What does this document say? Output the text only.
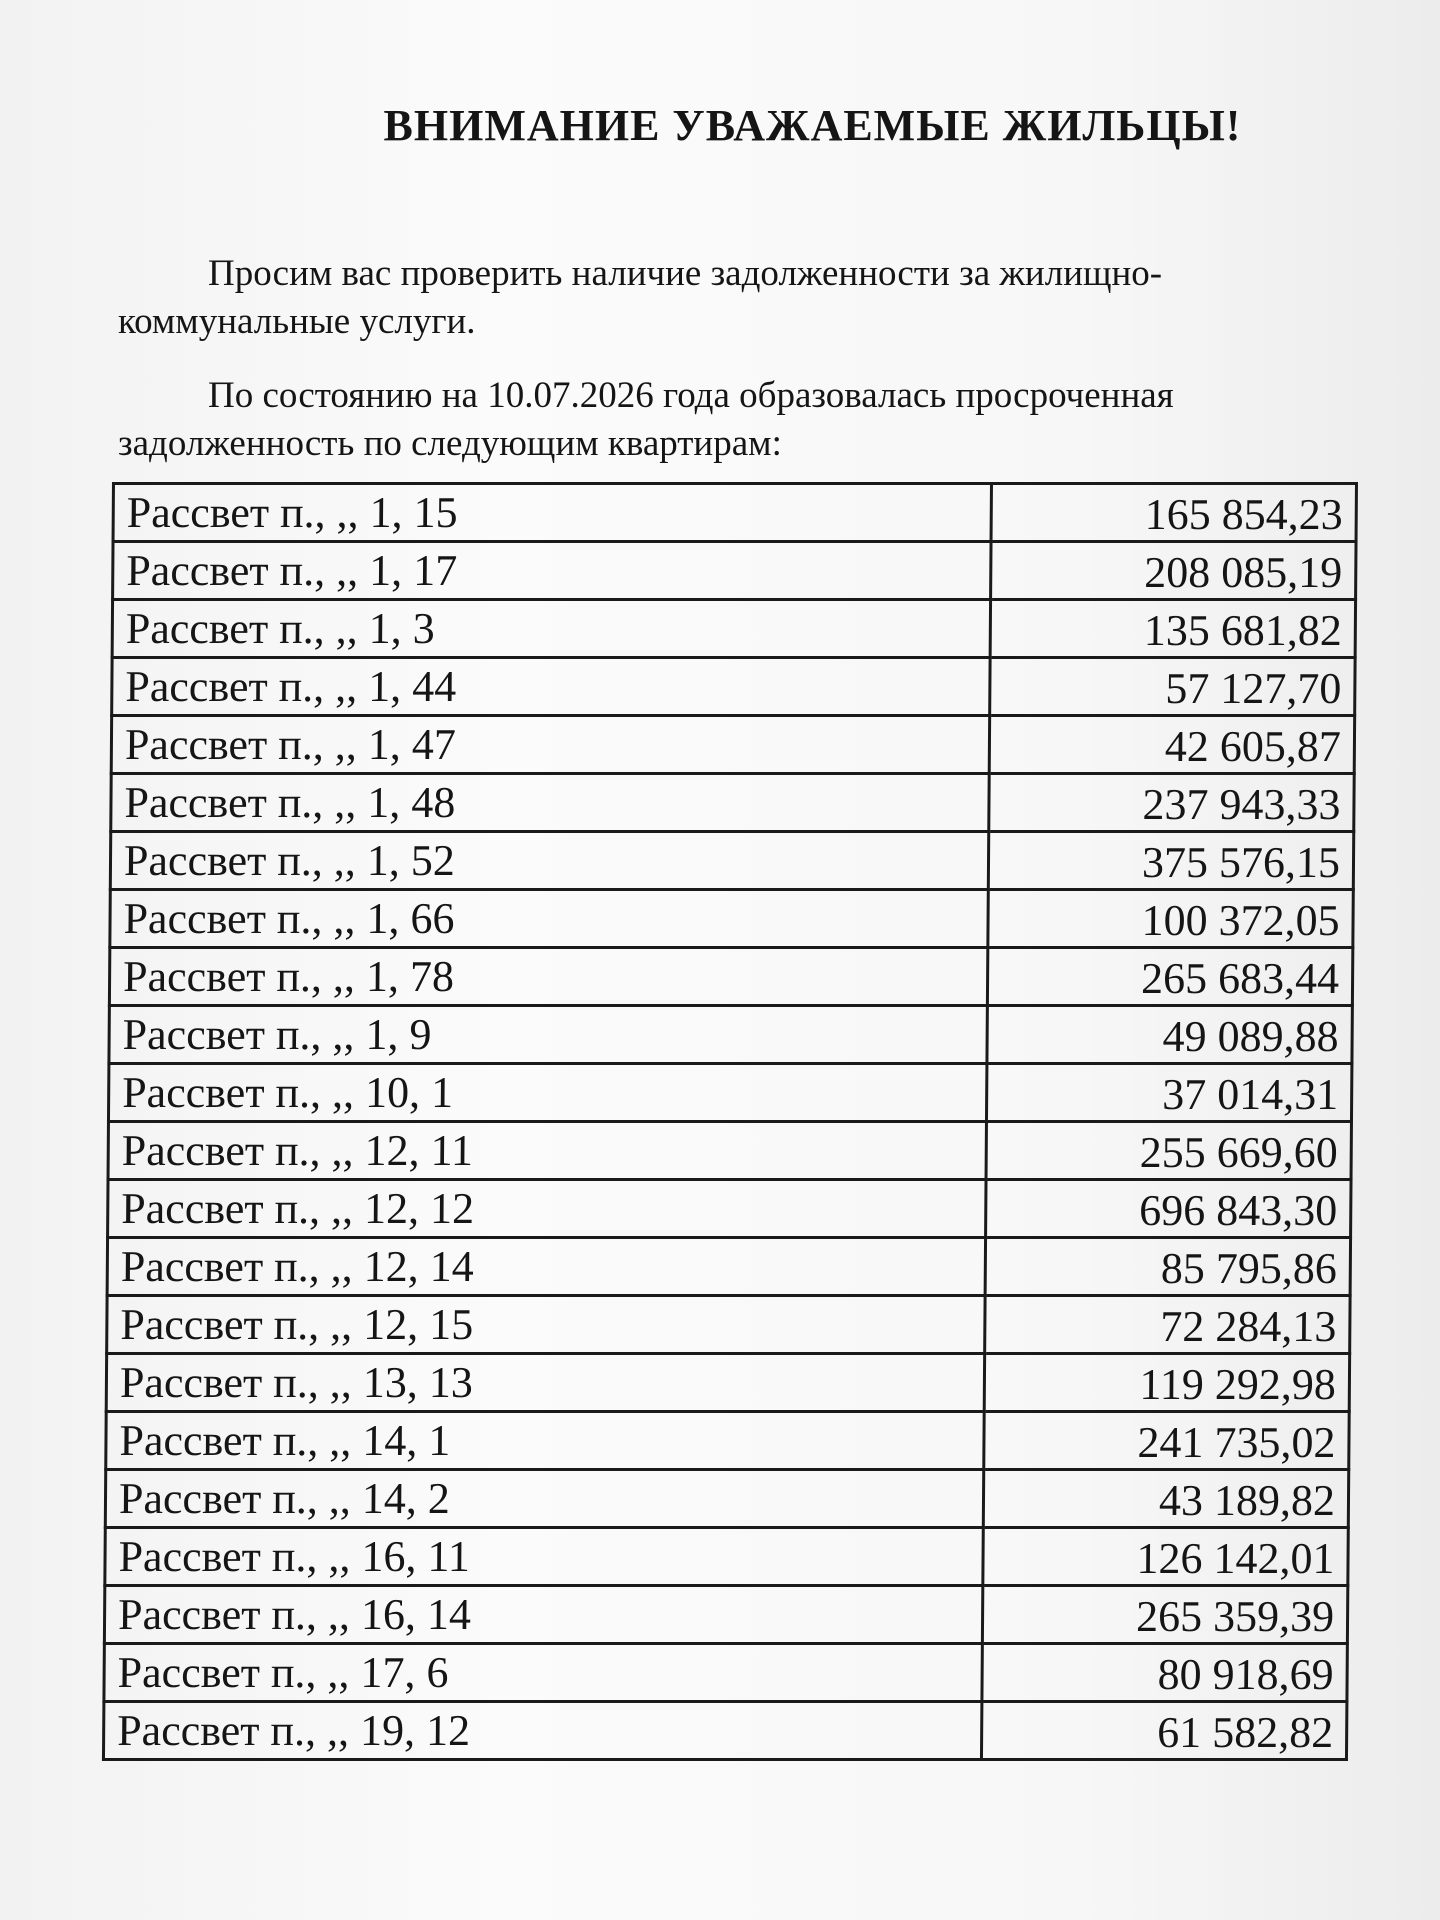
ВНИМАНИЕ УВАЖАЕМЫЕ ЖИЛЬЦЫ!
Просим вас проверить наличие задолженности за жилищно-коммунальные услуги.
По состоянию на 10.07.2026 года образовалась просроченная задолженность по следующим квартирам:
Рассвет п., ,, 1, 15	165 854,23
Рассвет п., ,, 1, 17	208 085,19
Рассвет п., ,, 1, 3	135 681,82
Рассвет п., ,, 1, 44	57 127,70
Рассвет п., ,, 1, 47	42 605,87
Рассвет п., ,, 1, 48	237 943,33
Рассвет п., ,, 1, 52	375 576,15
Рассвет п., ,, 1, 66	100 372,05
Рассвет п., ,, 1, 78	265 683,44
Рассвет п., ,, 1, 9	49 089,88
Рассвет п., ,, 10, 1	37 014,31
Рассвет п., ,, 12, 11	255 669,60
Рассвет п., ,, 12, 12	696 843,30
Рассвет п., ,, 12, 14	85 795,86
Рассвет п., ,, 12, 15	72 284,13
Рассвет п., ,, 13, 13	119 292,98
Рассвет п., ,, 14, 1	241 735,02
Рассвет п., ,, 14, 2	43 189,82
Рассвет п., ,, 16, 11	126 142,01
Рассвет п., ,, 16, 14	265 359,39
Рассвет п., ,, 17, 6	80 918,69
Рассвет п., ,, 19, 12	61 582,82
